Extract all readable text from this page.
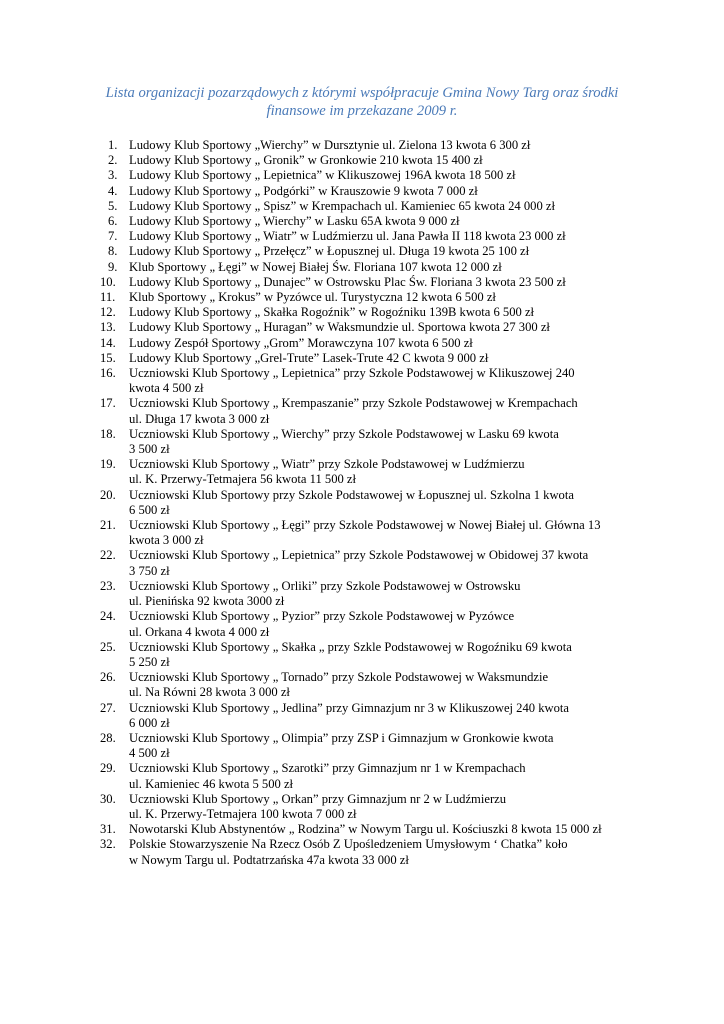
Lista organizacji pozarządowych z którymi współpracuje Gmina Nowy Targ oraz środki
finansowe im przekazane 2009 r.
1. Ludowy Klub Sportowy „Wierchy” w Dursztynie ul. Zielona 13 kwota 6 300 zł
2. Ludowy Klub Sportowy „ Gronik” w Gronkowie 210 kwota 15 400 zł
3. Ludowy Klub Sportowy „ Lepietnica” w Klikuszowej 196A kwota 18 500 zł
4. Ludowy Klub Sportowy „ Podgórki” w Krauszowie 9 kwota 7 000 zł
5. Ludowy Klub Sportowy „ Spisz” w Krempachach ul. Kamieniec 65 kwota 24 000 zł
6. Ludowy Klub Sportowy „ Wierchy” w Lasku 65A kwota 9 000 zł
7. Ludowy Klub Sportowy „ Wiatr” w Ludźmierzu ul. Jana Pawła II 118 kwota 23 000 zł
8. Ludowy Klub Sportowy „ Przełęcz” w Łopusznej ul. Długa 19 kwota 25 100 zł
9. Klub Sportowy „ Łęgi” w Nowej Białej Św. Floriana 107 kwota 12 000 zł
10. Ludowy Klub Sportowy „ Dunajec” w Ostrowsku Plac Św. Floriana 3 kwota 23 500 zł
11. Klub Sportowy „ Krokus” w Pyzówce ul. Turystyczna 12 kwota 6 500 zł
12. Ludowy Klub Sportowy „ Skałka Rogoźnik” w Rogoźniku 139B kwota 6 500 zł
13. Ludowy Klub Sportowy „ Huragan” w Waksmundzie ul. Sportowa kwota 27 300 zł
14. Ludowy Zespół Sportowy „Grom” Morawczyna 107 kwota 6 500 zł
15. Ludowy Klub Sportowy „Grel-Trute” Lasek-Trute 42 C kwota 9 000 zł
16. Uczniowski Klub Sportowy „ Lepietnica” przy Szkole Podstawowej w Klikuszowej 240
kwota 4 500 zł
17. Uczniowski Klub Sportowy „ Krempaszanie” przy Szkole Podstawowej w Krempachach
ul. Długa 17 kwota 3 000 zł
18. Uczniowski Klub Sportowy „ Wierchy” przy Szkole Podstawowej w Lasku 69 kwota
3 500 zł
19. Uczniowski Klub Sportowy „ Wiatr” przy Szkole Podstawowej w Ludźmierzu
ul. K. Przerwy-Tetmajera 56 kwota 11 500 zł
20. Uczniowski Klub Sportowy przy Szkole Podstawowej w Łopusznej ul. Szkolna 1 kwota
6 500 zł
21. Uczniowski Klub Sportowy „ Łęgi” przy Szkole Podstawowej w Nowej Białej ul. Główna 13
kwota 3 000 zł
22. Uczniowski Klub Sportowy „ Lepietnica” przy Szkole Podstawowej w Obidowej 37 kwota
3 750 zł
23. Uczniowski Klub Sportowy „ Orliki” przy Szkole Podstawowej w Ostrowsku
ul. Pienińska 92 kwota 3000 zł
24. Uczniowski Klub Sportowy „ Pyzior” przy Szkole Podstawowej w Pyzówce
ul. Orkana 4 kwota 4 000 zł
25. Uczniowski Klub Sportowy „ Skałka „ przy Szkle Podstawowej w Rogoźniku 69 kwota
5 250 zł
26. Uczniowski Klub Sportowy „ Tornado” przy Szkole Podstawowej w Waksmundzie
ul. Na Równi 28 kwota 3 000 zł
27. Uczniowski Klub Sportowy „ Jedlina” przy Gimnazjum nr 3 w Klikuszowej 240 kwota
6 000 zł
28. Uczniowski Klub Sportowy „ Olimpia” przy ZSP i Gimnazjum w Gronkowie kwota
4 500 zł
29. Uczniowski Klub Sportowy „ Szarotki” przy Gimnazjum nr 1 w Krempachach
ul. Kamieniec 46 kwota 5 500 zł
30. Uczniowski Klub Sportowy „ Orkan” przy Gimnazjum nr 2 w Ludźmierzu
ul. K. Przerwy-Tetmajera 100 kwota 7 000 zł
31. Nowotarski Klub Abstynentów „ Rodzina” w Nowym Targu ul. Kościuszki 8 kwota 15 000 zł
32. Polskie Stowarzyszenie Na Rzecz Osób Z Upośledzeniem Umysłowym ‘ Chatka” koło
w Nowym Targu ul. Podtatrzańska 47a kwota 33 000 zł
